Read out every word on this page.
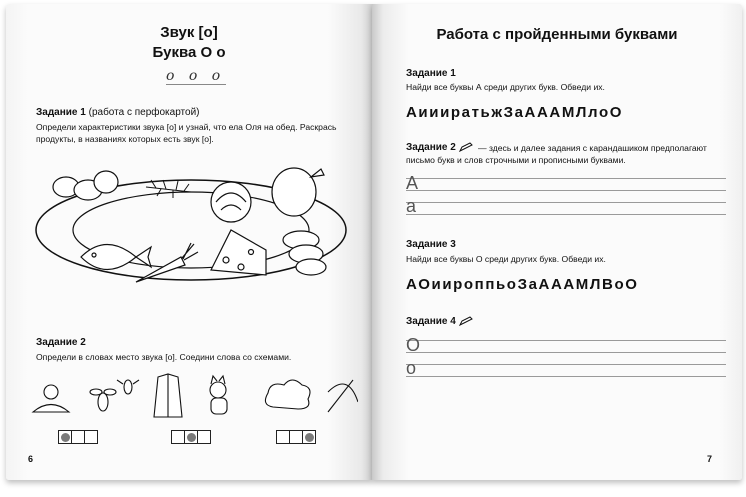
Звук [о]
Буква О о
о о о
Задание 1 (работа с перфокартой)
Определи характеристики звука [о] и узнай, что ела Оля на обед. Раскрась продукты, в названиях которых есть звук [о].
Задание 2
Определи в словах место звука [о]. Соедини слова со схемами.
6
Работа с пройденными буквами
Задание 1
Найди все буквы А среди других букв. Обведи их.
АиииратьжЗаАААМЛлоО
Задание 2	— здесь и далее задания с карандашиком предполагают письмо букв и слов строчными и прописными буквами.
А
а
Задание 3
Найди все буквы О среди других букв. Обведи их.
АОиироппьоЗаАААМЛВоО
Задание 4
О
о
7
